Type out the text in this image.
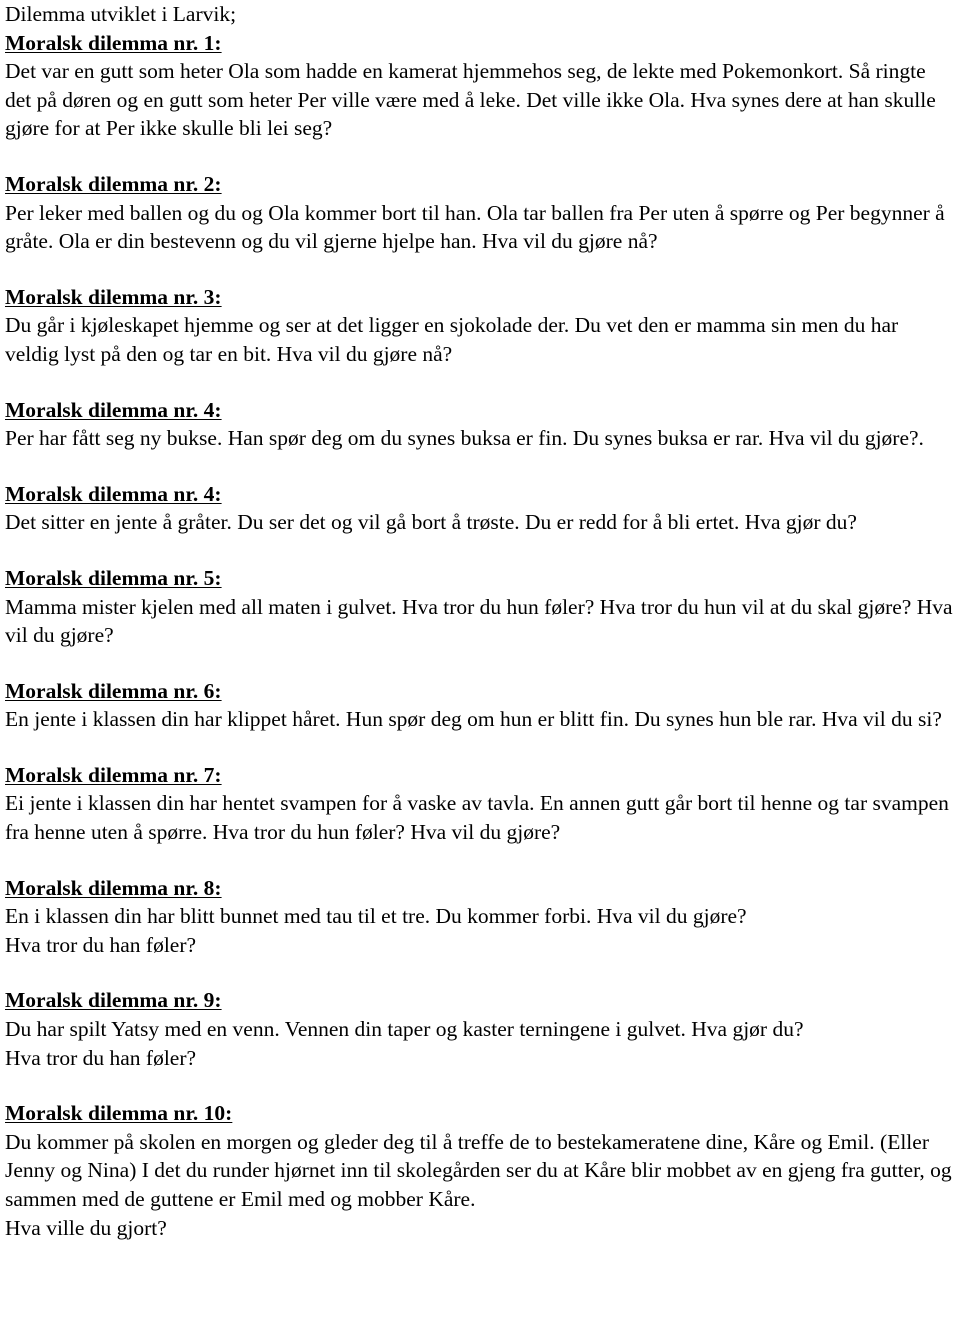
Dilemma utviklet i Larvik;
Moralsk dilemma nr. 1:
Det var en gutt som heter Ola som hadde en kamerat hjemmehos seg, de lekte med Pokemonkort. Så ringte det på døren og en gutt som heter Per ville være med å leke. Det ville ikke Ola. Hva synes dere at han skulle gjøre for at Per ikke skulle bli lei seg?
Moralsk dilemma nr. 2:
Per leker med ballen og du og Ola kommer bort til han. Ola tar ballen fra Per uten å spørre og Per begynner å gråte. Ola er din bestevenn og du vil gjerne hjelpe han. Hva vil du gjøre nå?
Moralsk dilemma nr. 3:
Du går i kjøleskapet hjemme og ser at det ligger en sjokolade der. Du vet den er mamma sin men du har veldig lyst på den og tar en bit. Hva vil du gjøre nå?
Moralsk dilemma nr. 4:
Per har fått seg ny bukse. Han spør deg om du synes buksa er fin. Du synes buksa er rar. Hva vil du gjøre?.
Moralsk dilemma nr. 4:
Det sitter en jente å gråter. Du ser det og vil gå bort å trøste. Du er redd for å bli ertet. Hva gjør du?
Moralsk dilemma nr. 5:
Mamma mister kjelen med all maten i gulvet. Hva tror du hun føler? Hva tror du hun vil at du skal gjøre? Hva vil du gjøre?
Moralsk dilemma nr. 6:
En jente i klassen din har klippet håret. Hun spør deg om hun er blitt fin. Du synes hun ble rar. Hva vil du si?
Moralsk dilemma nr. 7:
Ei jente i klassen din har hentet svampen for å vaske av tavla. En annen gutt går bort til henne og tar svampen fra henne uten å spørre. Hva tror du hun føler? Hva vil du gjøre?
Moralsk dilemma nr. 8:
En i klassen din har blitt bunnet med tau til et tre. Du kommer forbi. Hva vil du gjøre?
Hva tror du han føler?
Moralsk dilemma nr. 9:
Du har spilt Yatsy med en venn. Vennen din taper og kaster terningene i gulvet. Hva gjør du?
Hva tror du han føler?
Moralsk dilemma nr. 10:
Du kommer på skolen en morgen og gleder deg til å treffe de to bestekameratene dine, Kåre og Emil. (Eller Jenny og Nina) I det du runder hjørnet inn til skolegården ser du at Kåre blir mobbet av en gjeng fra gutter, og sammen med de guttene er Emil med og mobber Kåre.
Hva ville du gjort?
